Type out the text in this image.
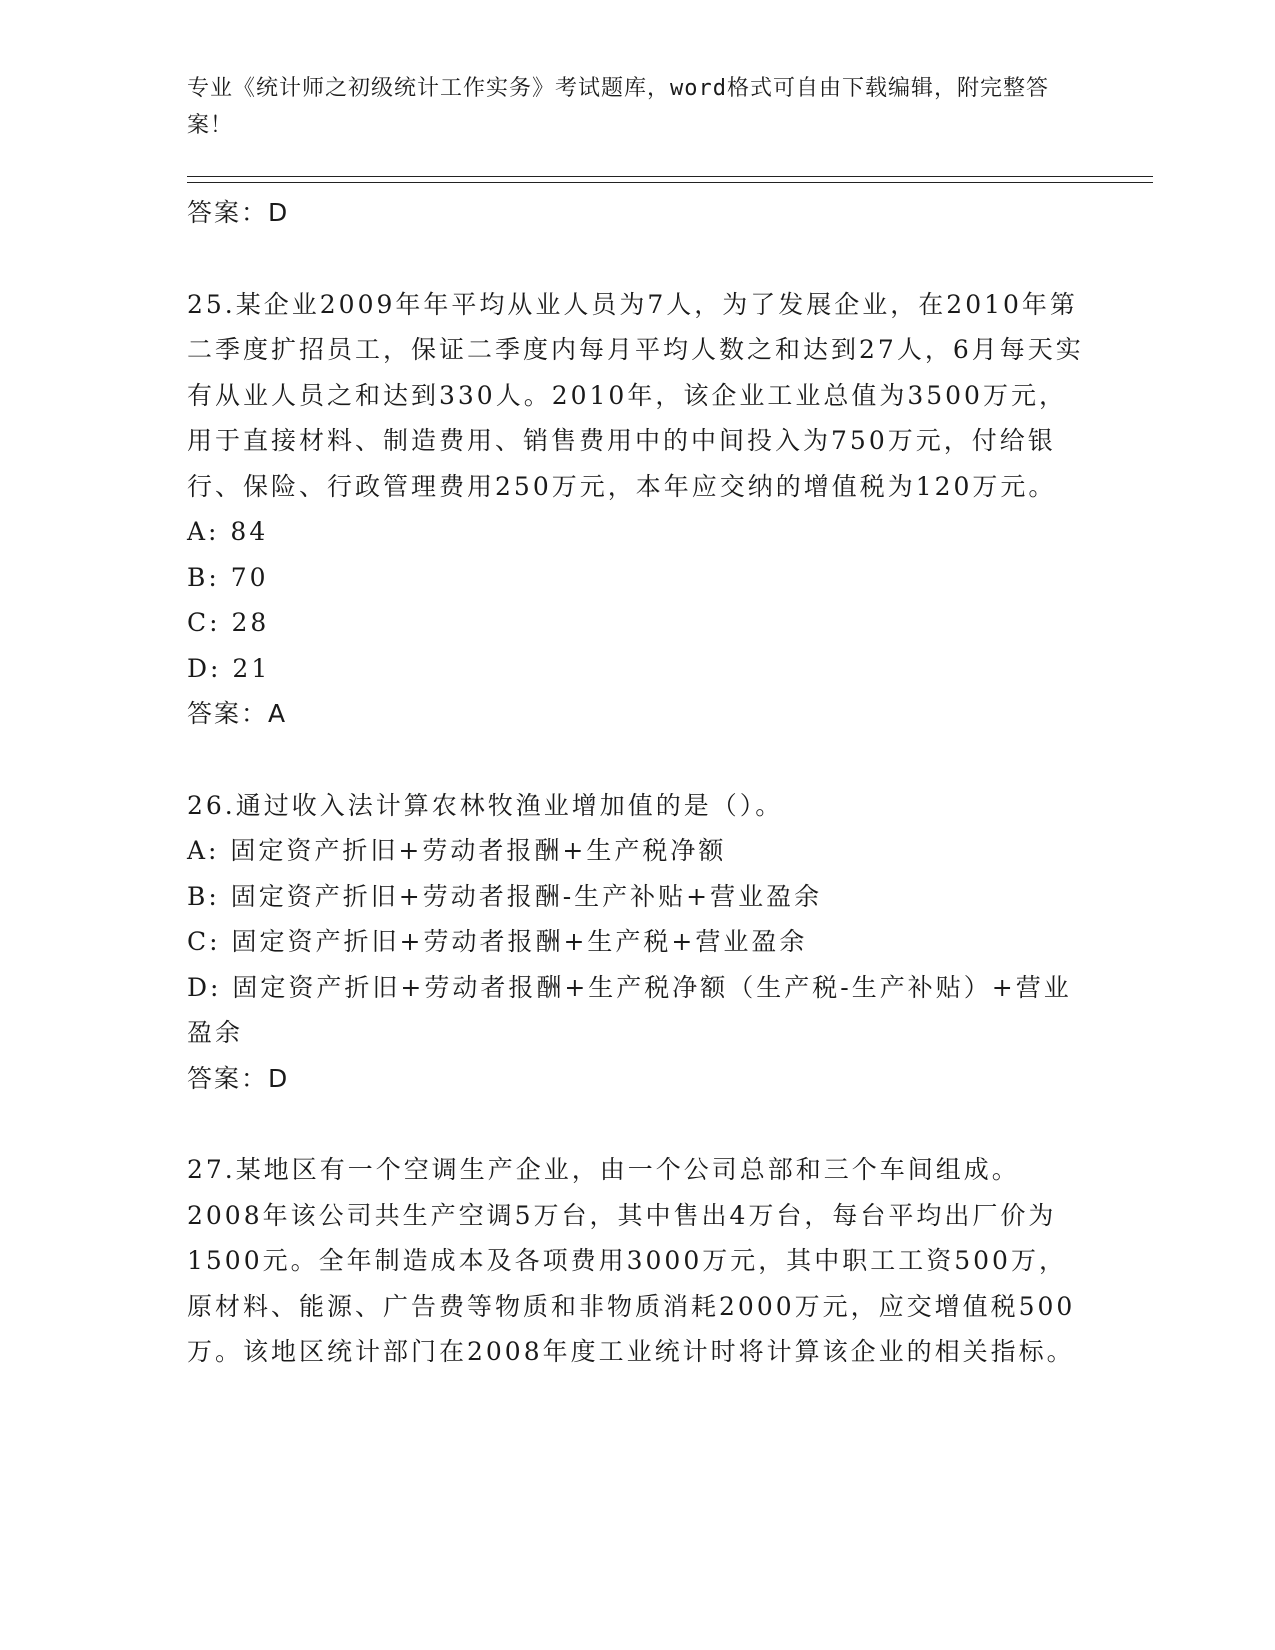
专业《统计师之初级统计工作实务》考试题库，word格式可自由下载编辑，附完整答案！

答案：D

25.某企业2009年年平均从业人员为7人，为了发展企业，在2010年第二季度扩招员工，保证二季度内每月平均人数之和达到27人，6月每天实有从业人员之和达到330人。2010年，该企业工业总值为3500万元，用于直接材料、制造费用、销售费用中的中间投入为750万元，付给银行、保险、行政管理费用250万元，本年应交纳的增值税为120万元。

A: 84

B: 70

C: 28

D: 21

答案：A

26.通过收入法计算农林牧渔业增加值的是（）。

A: 固定资产折旧+劳动者报酬+生产税净额

B: 固定资产折旧+劳动者报酬-生产补贴+营业盈余

C: 固定资产折旧+劳动者报酬+生产税+营业盈余

D: 固定资产折旧+劳动者报酬+生产税净额（生产税-生产补贴）+营业盈余

答案：D

27.某地区有一个空调生产企业，由一个公司总部和三个车间组成。2008年该公司共生产空调5万台，其中售出4万台，每台平均出厂价为1500元。全年制造成本及各项费用3000万元，其中职工工资500万，原材料、能源、广告费等物质和非物质消耗2000万元，应交增值税500万。该地区统计部门在2008年度工业统计时将计算该企业的相关指标。
